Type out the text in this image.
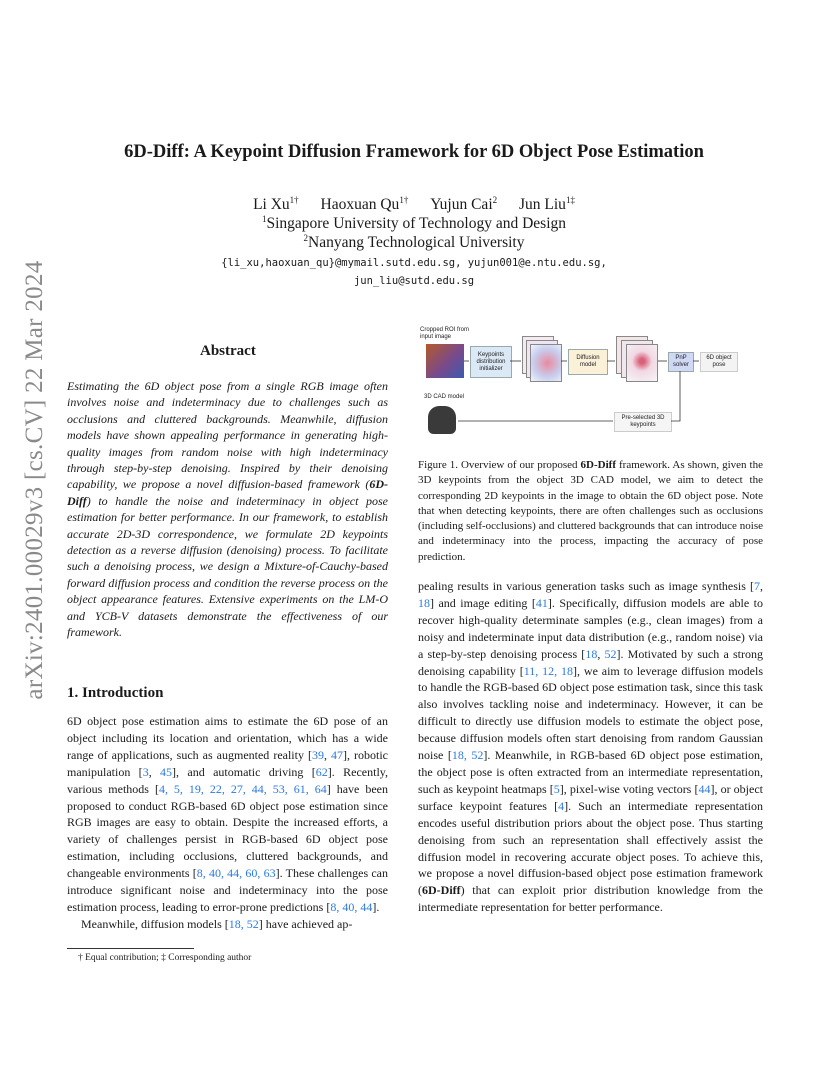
arXiv:2401.00029v3 [cs.CV] 22 Mar 2024
6D-Diff: A Keypoint Diffusion Framework for 6D Object Pose Estimation
Li $Xu^{1\dagger}$ Haoxuan $Qu^{1\dagger}$ Yujun Cai$^2$ Jun Liu$^{1\ddagger}$
$^1$Singapore University of Technology and Design
$^2$Nanyang Technological University
{li_xu,haoxuan_qu}@mymail.sutd.edu.sg, yujun001@e.ntu.edu.sg,
jun_liu@sutd.edu.sg
Abstract
Estimating the 6D object pose from a single RGB image often involves noise and indeterminacy due to challenges such as occlusions and cluttered backgrounds. Meanwhile, diffusion models have shown appealing performance in generating high-quality images from random noise with high indeterminacy through step-by-step denoising. Inspired by their denoising capability, we propose a novel diffusion-based framework (6D-Diff) to handle the noise and indeterminacy in object pose estimation for better performance. In our framework, to establish accurate 2D-3D correspondence, we formulate 2D keypoints detection as a reverse diffusion (denoising) process. To facilitate such a denoising process, we design a Mixture-of-Cauchy-based forward diffusion process and condition the reverse process on the object appearance features. Extensive experiments on the LM-O and YCB-V datasets demonstrate the effectiveness of our framework.
1. Introduction

6D object pose estimation aims to estimate the 6D pose of an object including its location and orientation, which has a wide range of applications, such as augmented reality [39, 47], robotic manipulation [3, 45], and automatic driving [62]. Recently, various methods [4, 5, 19, 22, 27, 44, 53, 61, 64] have been proposed to conduct RGB-based 6D object pose estimation since RGB images are easy to obtain. Despite the increased efforts, a variety of challenges persist in RGB-based 6D object pose estimation, including occlusions, cluttered backgrounds, and changeable environments [8, 40, 44, 60, 63]. These challenges can introduce significant noise and indeterminacy into the pose estimation process, leading to error-prone predictions [8, 40, 44].

Meanwhile, diffusion models [18, 52] have achieved ap-

† Equal contribution; ‡ Corresponding author
Cropped ROI from input image
Keypoints distribution initializer
Diffusion model
PnP solver
6D object pose
3D CAD model
Pre-selected 3D keypoints
Figure 1. Overview of our proposed 6D-Diff framework. As shown, given the 3D keypoints from the object 3D CAD model, we aim to detect the corresponding 2D keypoints in the image to obtain the 6D object pose. Note that when detecting keypoints, there are often challenges such as occlusions (including self-occlusions) and cluttered backgrounds that can introduce noise and indeterminacy into the process, impacting the accuracy of pose prediction.
pealing results in various generation tasks such as image synthesis [7, 18] and image editing [41]. Specifically, diffusion models are able to recover high-quality determinate samples (e.g., clean images) from a noisy and indeterminate input data distribution (e.g., random noise) via a step-by-step denoising process [18, 52]. Motivated by such a strong denoising capability [11, 12, 18], we aim to leverage diffusion models to handle the RGB-based 6D object pose estimation task, since this task also involves tackling noise and indeterminacy. However, it can be difficult to directly use diffusion models to estimate the object pose, because diffusion models often start denoising from random Gaussian noise [18, 52]. Meanwhile, in RGB-based 6D object pose estimation, the object pose is often extracted from an intermediate representation, such as keypoint heatmaps [5], pixel-wise voting vectors [44], or object surface keypoint features [4]. Such an intermediate representation encodes useful distribution priors about the object pose. Thus starting denoising from such an representation shall effectively assist the diffusion model in recovering accurate object poses. To achieve this, we propose a novel diffusion-based object pose estimation framework (6D-Diff) that can exploit prior distribution knowledge from the intermediate representation for better performance.
